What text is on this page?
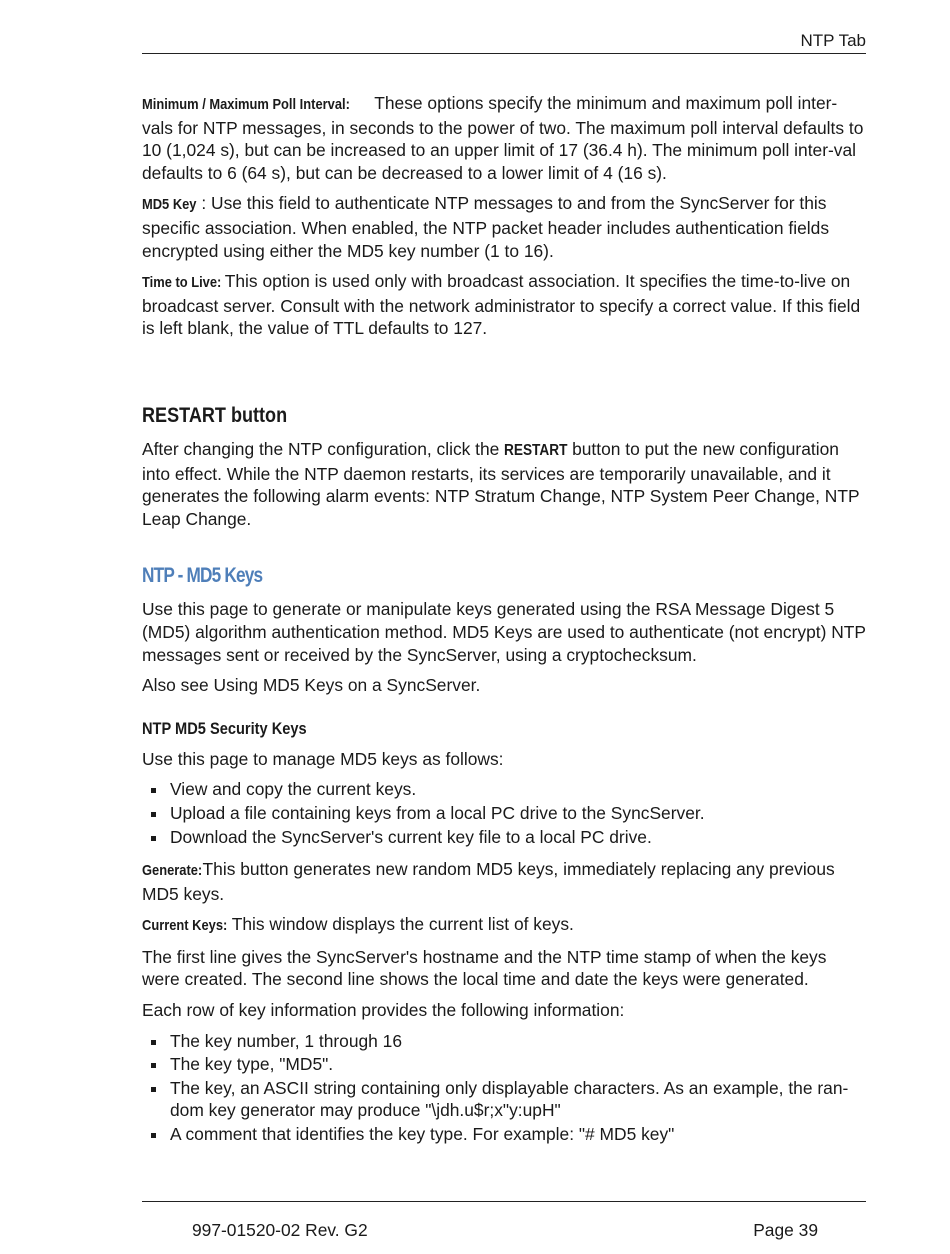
NTP Tab

Minimum / Maximum Poll Interval: These options specify the minimum and maximum poll inter-vals for NTP messages, in seconds to the power of two. The maximum poll interval defaults to 10 (1,024 s), but can be increased to an upper limit of 17 (36.4 h). The minimum poll inter-val defaults to 6 (64 s), but can be decreased to a lower limit of 4 (16 s).

MD5 Key : Use this field to authenticate NTP messages to and from the SyncServer for this specific association. When enabled, the NTP packet header includes authentication fields encrypted using either the MD5 key number (1 to 16).

Time to Live: This option is used only with broadcast association. It specifies the time-to-live on broadcast server. Consult with the network administrator to specify a correct value. If this field is left blank, the value of TTL defaults to 127.

RESTART button

After changing the NTP configuration, click the RESTART button to put the new configuration into effect. While the NTP daemon restarts, its services are temporarily unavailable, and it generates the following alarm events: NTP Stratum Change, NTP System Peer Change, NTP Leap Change.

NTP - MD5 Keys

Use this page to generate or manipulate keys generated using the RSA Message Digest 5 (MD5) algorithm authentication method. MD5 Keys are used to authenticate (not encrypt) NTP messages sent or received by the SyncServer, using a cryptochecksum.

Also see Using MD5 Keys on a SyncServer.

NTP MD5 Security Keys

Use this page to manage MD5 keys as follows:

View and copy the current keys.
Upload a file containing keys from a local PC drive to the SyncServer.
Download the SyncServer's current key file to a local PC drive.

Generate: This button generates new random MD5 keys, immediately replacing any previous MD5 keys.

Current Keys: This window displays the current list of keys.

The first line gives the SyncServer's hostname and the NTP time stamp of when the keys were created. The second line shows the local time and date the keys were generated.

Each row of key information provides the following information:

The key number, 1 through 16
The key type, "MD5".
The key, an ASCII string containing only displayable characters. As an example, the ran-dom key generator may produce "\jdh.u$r;x"y:upH"
A comment that identifies the key type. For example: "# MD5 key"
997-01520-02 Rev. G2	Page 39
